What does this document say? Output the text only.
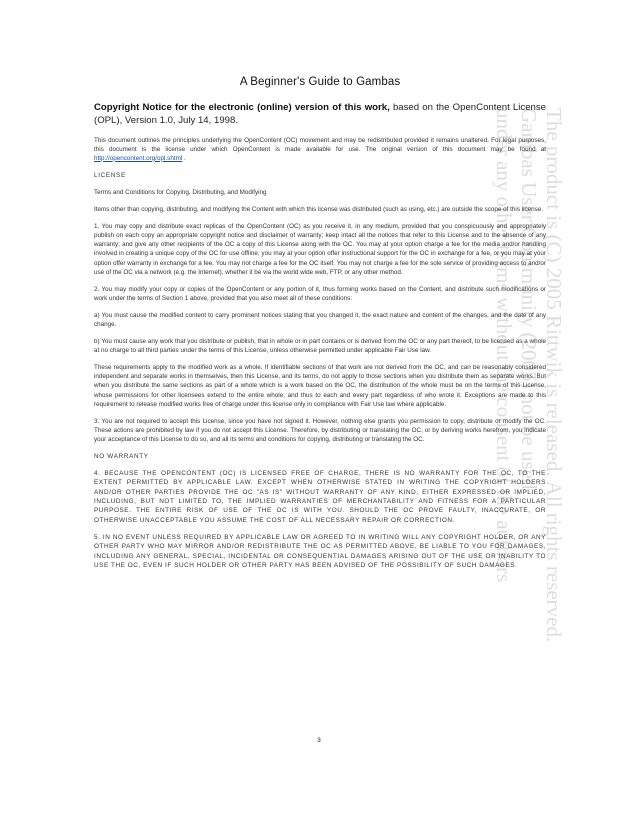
The product is (C) 2005 Rittwik is released. All rights reserved.
Gambas User Community (2005) not be used
under any other terms without the consent of the authors
A Beginner's Guide to Gambas

Copyright Notice for the electronic (online) version of this work, based on the OpenContent License (OPL), Version 1.0, July 14, 1998.

This document outlines the principles underlying the OpenContent (OC) movement and may be redistributed provided it remains unaltered. For legal purposes, this document is the license under which OpenContent is made available for use. The original version of this document may be found at http://opencontent.org/opl.shtml .

LICENSE

Terms and Conditions for Copying, Distributing, and Modifying

Items other than copying, distributing, and modifying the Content with which this license was distributed (such as using, etc.) are outside the scope of this license.

1. You may copy and distribute exact replicas of the OpenContent (OC) as you receive it, in any medium, provided that you conspicuously and appropriately publish on each copy an appropriate copyright notice and disclaimer of warranty; keep intact all the notices that refer to this License and to the absence of any warranty; and give any other recipients of the OC a copy of this License along with the OC. You may at your option charge a fee for the media and/or handling involved in creating a unique copy of the OC for use offline, you may at your option offer instructional support for the OC in exchange for a fee, or you may at your option offer warranty in exchange for a fee. You may not charge a fee for the OC itself. You may not charge a fee for the sole service of providing access to and/or use of the OC via a network (e.g. the Internet), whether it be via the world wide web, FTP, or any other method.

2. You may modify your copy or copies of the OpenContent or any portion of it, thus forming works based on the Content, and distribute such modifications or work under the terms of Section 1 above, provided that you also meet all of these conditions:

a) You must cause the modified content to carry prominent notices stating that you changed it, the exact nature and content of the changes, and the date of any change.

b) You must cause any work that you distribute or publish, that in whole or in part contains or is derived from the OC or any part thereof, to be licensed as a whole at no charge to all third parties under the terms of this License, unless otherwise permitted under applicable Fair Use law.

These requirements apply to the modified work as a whole. If identifiable sections of that work are not derived from the OC, and can be reasonably considered independent and separate works in themselves, then this License, and its terms, do not apply to those sections when you distribute them as separate works. But when you distribute the same sections as part of a whole which is a work based on the OC, the distribution of the whole must be on the terms of this License, whose permissions for other licensees extend to the entire whole, and thus to each and every part regardless of who wrote it. Exceptions are made to this requirement to release modified works free of charge under this license only in compliance with Fair Use law where applicable.

3. You are not required to accept this License, since you have not signed it. However, nothing else grants you permission to copy, distribute or modify the OC. These actions are prohibited by law if you do not accept this License. Therefore, by distributing or translating the OC, or by deriving works herefrom, you indicate your acceptance of this License to do so, and all its terms and conditions for copying, distributing or translating the OC.

NO WARRANTY

4. BECAUSE THE OPENCONTENT (OC) IS LICENSED FREE OF CHARGE, THERE IS NO WARRANTY FOR THE OC, TO THE EXTENT PERMITTED BY APPLICABLE LAW. EXCEPT WHEN OTHERWISE STATED IN WRITING THE COPYRIGHT HOLDERS AND/OR OTHER PARTIES PROVIDE THE OC "AS IS" WITHOUT WARRANTY OF ANY KIND, EITHER EXPRESSED OR IMPLIED, INCLUDING, BUT NOT LIMITED TO, THE IMPLIED WARRANTIES OF MERCHANTABILITY AND FITNESS FOR A PARTICULAR PURPOSE. THE ENTIRE RISK OF USE OF THE OC IS WITH YOU. SHOULD THE OC PROVE FAULTY, INACCURATE, OR OTHERWISE UNACCEPTABLE YOU ASSUME THE COST OF ALL NECESSARY REPAIR OR CORRECTION.

5. IN NO EVENT UNLESS REQUIRED BY APPLICABLE LAW OR AGREED TO IN WRITING WILL ANY COPYRIGHT HOLDER, OR ANY OTHER PARTY WHO MAY MIRROR AND/OR REDISTRIBUTE THE OC AS PERMITTED ABOVE, BE LIABLE TO YOU FOR DAMAGES, INCLUDING ANY GENERAL, SPECIAL, INCIDENTAL OR CONSEQUENTIAL DAMAGES ARISING OUT OF THE USE OR INABILITY TO USE THE OC, EVEN IF SUCH HOLDER OR OTHER PARTY HAS BEEN ADVISED OF THE POSSIBILITY OF SUCH DAMAGES.

3
